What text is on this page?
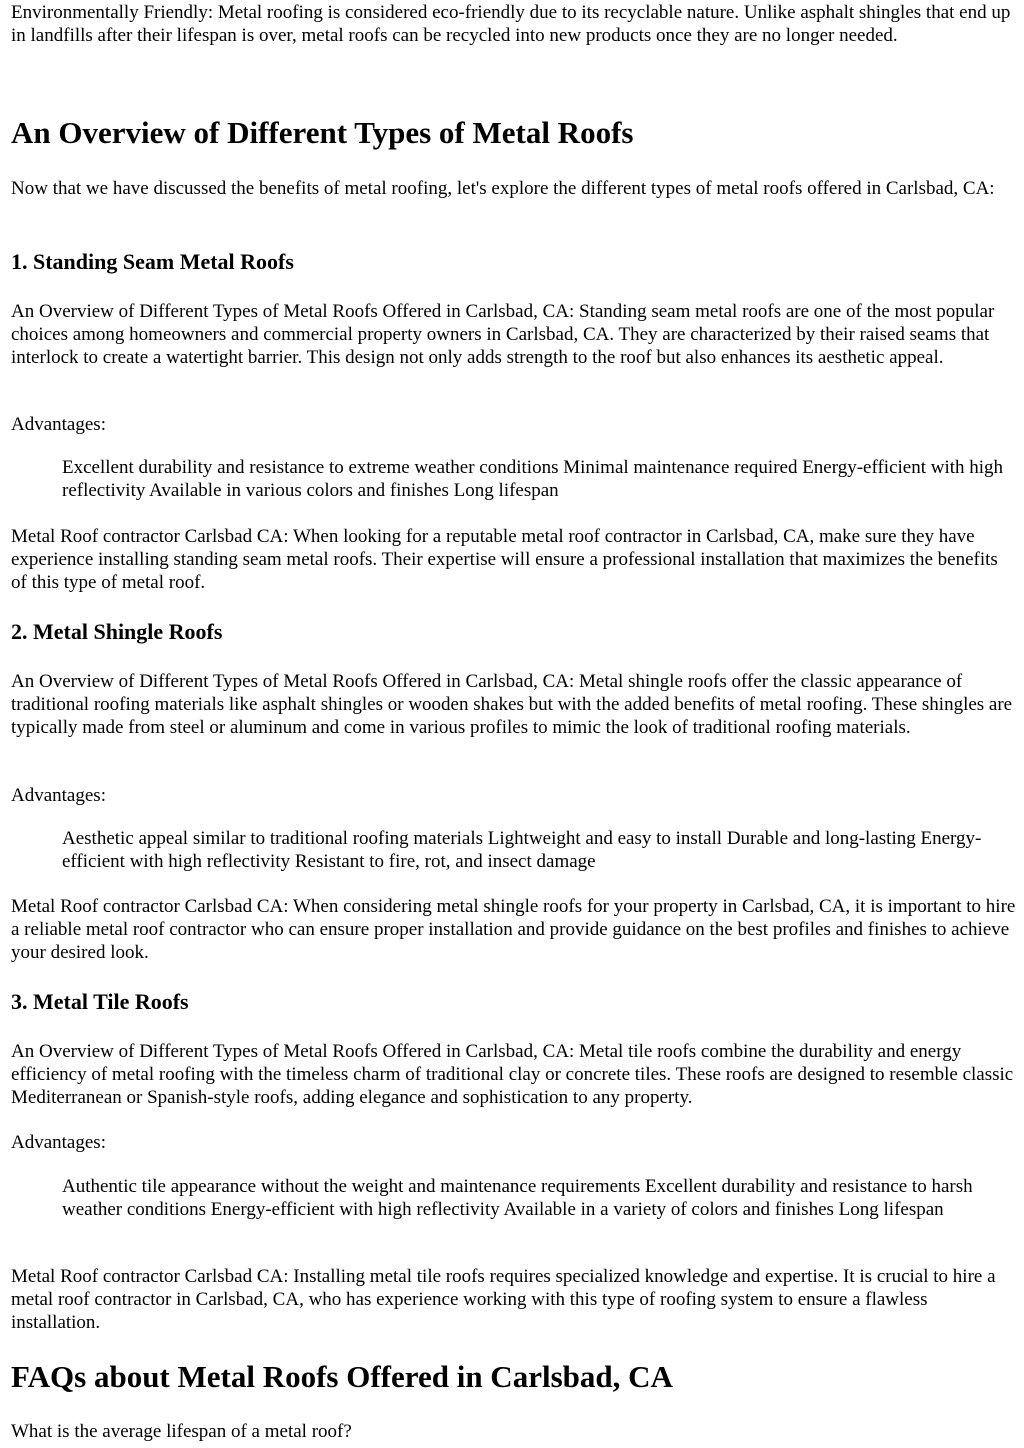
Environmentally Friendly: Metal roofing is considered eco-friendly due to its recyclable nature. Unlike asphalt shingles that end up in landfills after their lifespan is over, metal roofs can be recycled into new products once they are no longer needed.

An Overview of Different Types of Metal Roofs

Now that we have discussed the benefits of metal roofing, let's explore the different types of metal roofs offered in Carlsbad, CA:

1. Standing Seam Metal Roofs

An Overview of Different Types of Metal Roofs Offered in Carlsbad, CA: Standing seam metal roofs are one of the most popular choices among homeowners and commercial property owners in Carlsbad, CA. They are characterized by their raised seams that interlock to create a watertight barrier. This design not only adds strength to the roof but also enhances its aesthetic appeal.

Advantages:

Excellent durability and resistance to extreme weather conditions Minimal maintenance required Energy-efficient with high reflectivity Available in various colors and finishes Long lifespan

Metal Roof contractor Carlsbad CA: When looking for a reputable metal roof contractor in Carlsbad, CA, make sure they have experience installing standing seam metal roofs. Their expertise will ensure a professional installation that maximizes the benefits of this type of metal roof.

2. Metal Shingle Roofs

An Overview of Different Types of Metal Roofs Offered in Carlsbad, CA: Metal shingle roofs offer the classic appearance of traditional roofing materials like asphalt shingles or wooden shakes but with the added benefits of metal roofing. These shingles are typically made from steel or aluminum and come in various profiles to mimic the look of traditional roofing materials.

Advantages:

Aesthetic appeal similar to traditional roofing materials Lightweight and easy to install Durable and long-lasting Energy-efficient with high reflectivity Resistant to fire, rot, and insect damage

Metal Roof contractor Carlsbad CA: When considering metal shingle roofs for your property in Carlsbad, CA, it is important to hire a reliable metal roof contractor who can ensure proper installation and provide guidance on the best profiles and finishes to achieve your desired look.

3. Metal Tile Roofs

An Overview of Different Types of Metal Roofs Offered in Carlsbad, CA: Metal tile roofs combine the durability and energy efficiency of metal roofing with the timeless charm of traditional clay or concrete tiles. These roofs are designed to resemble classic Mediterranean or Spanish-style roofs, adding elegance and sophistication to any property.

Advantages:

Authentic tile appearance without the weight and maintenance requirements Excellent durability and resistance to harsh weather conditions Energy-efficient with high reflectivity Available in a variety of colors and finishes Long lifespan

Metal Roof contractor Carlsbad CA: Installing metal tile roofs requires specialized knowledge and expertise. It is crucial to hire a metal roof contractor in Carlsbad, CA, who has experience working with this type of roofing system to ensure a flawless installation.

FAQs about Metal Roofs Offered in Carlsbad, CA

What is the average lifespan of a metal roof?
